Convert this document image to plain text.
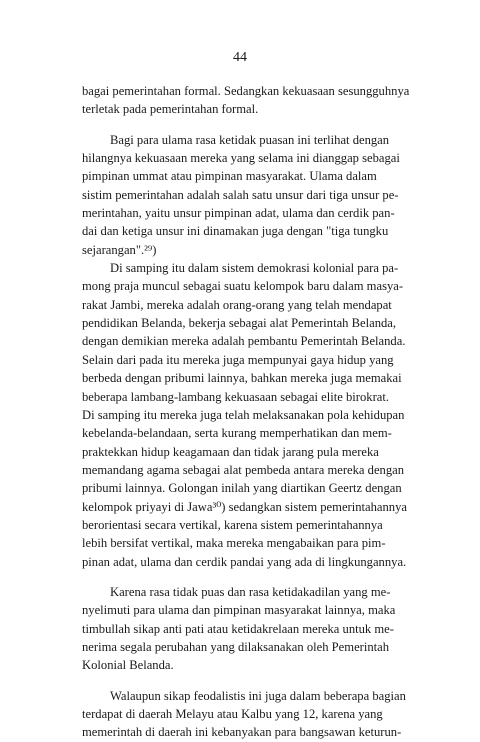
44

bagai pemerintahan formal. Sedangkan kekuasaan sesungguhnya
terletak pada pemerintahan formal.

Bagi para ulama rasa ketidak puasan ini terlihat dengan
hilangnya kekuasaan mereka yang selama ini dianggap sebagai
pimpinan ummat atau pimpinan masyarakat. Ulama dalam
sistim pemerintahan adalah salah satu unsur dari tiga unsur pe-
merintahan, yaitu unsur pimpinan adat, ulama dan cerdik pan-
dai dan ketiga unsur ini dinamakan juga dengan "tiga tungku
sejarangan".²⁹)

Di samping itu dalam sistem demokrasi kolonial para pa-
mong praja muncul sebagai suatu kelompok baru dalam masya-
rakat Jambi, mereka adalah orang-orang yang telah mendapat
pendidikan Belanda, bekerja sebagai alat Pemerintah Belanda,
dengan demikian mereka adalah pembantu Pemerintah Belanda.
Selain dari pada itu mereka juga mempunyai gaya hidup yang
berbeda dengan pribumi lainnya, bahkan mereka juga memakai
beberapa lambang-lambang kekuasaan sebagai elite birokrat.
Di samping itu mereka juga telah melaksanakan pola kehidupan
kebelanda-belandaan, serta kurang memperhatikan dan mem-
praktekkan hidup keagamaan dan tidak jarang pula mereka
memandang agama sebagai alat pembeda antara mereka dengan
pribumi lainnya. Golongan inilah yang diartikan Geertz dengan
kelompok priyayi di Jawa³⁰) sedangkan sistem pemerintahannya
berorientasi secara vertikal, karena sistem pemerintahannya
lebih bersifat vertikal, maka mereka mengabaikan para pim-
pinan adat, ulama dan cerdik pandai yang ada di lingkungannya.

Karena rasa tidak puas dan rasa ketidakadilan yang me-
nyelimuti para ulama dan pimpinan masyarakat lainnya, maka
timbullah sikap anti pati atau ketidakrelaan mereka untuk me-
nerima segala perubahan yang dilaksanakan oleh Pemerintah
Kolonial Belanda.

Walaupun sikap feodalistis ini juga dalam beberapa bagian
terdapat di daerah Melayu atau Kalbu yang 12, karena yang
memerintah di daerah ini kebanyakan para bangsawan keturun-
